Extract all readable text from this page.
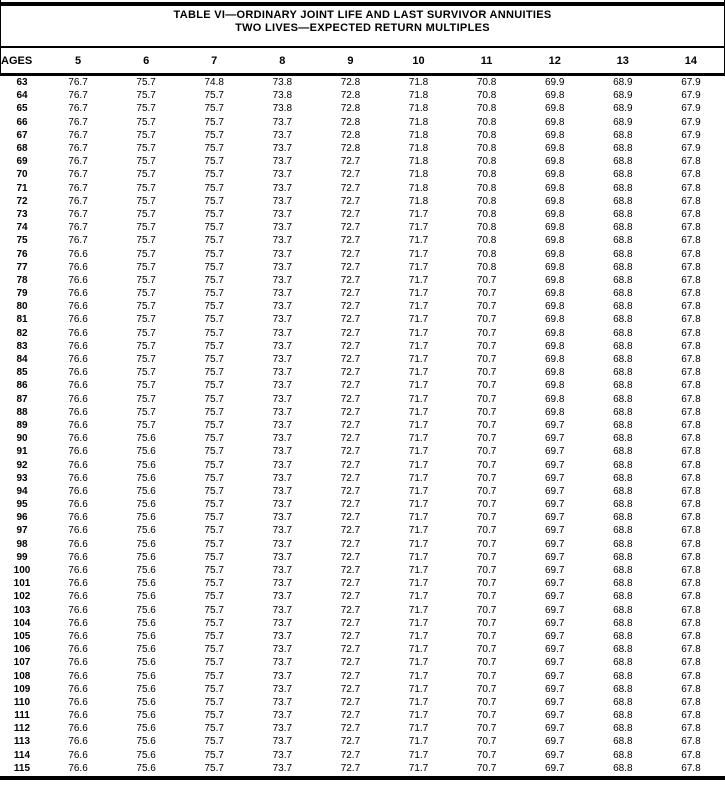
TABLE VI—ORDINARY JOINT LIFE AND LAST SURVIVOR ANNUITIES
TWO LIVES—EXPECTED RETURN MULTIPLES
AGES	5	6	7	8	9	10	11	12	13	14
63	76.7	75.7	74.8	73.8	72.8	71.8	70.8	69.9	68.9	67.9
64	76.7	75.7	75.7	73.8	72.8	71.8	70.8	69.8	68.9	67.9
65	76.7	75.7	75.7	73.8	72.8	71.8	70.8	69.8	68.9	67.9
66	76.7	75.7	75.7	73.7	72.8	71.8	70.8	69.8	68.9	67.9
67	76.7	75.7	75.7	73.7	72.8	71.8	70.8	69.8	68.8	67.9
68	76.7	75.7	75.7	73.7	72.8	71.8	70.8	69.8	68.8	67.9
69	76.7	75.7	75.7	73.7	72.7	71.8	70.8	69.8	68.8	67.8
70	76.7	75.7	75.7	73.7	72.7	71.8	70.8	69.8	68.8	67.8
71	76.7	75.7	75.7	73.7	72.7	71.8	70.8	69.8	68.8	67.8
72	76.7	75.7	75.7	73.7	72.7	71.8	70.8	69.8	68.8	67.8
73	76.7	75.7	75.7	73.7	72.7	71.7	70.8	69.8	68.8	67.8
74	76.7	75.7	75.7	73.7	72.7	71.7	70.8	69.8	68.8	67.8
75	76.7	75.7	75.7	73.7	72.7	71.7	70.8	69.8	68.8	67.8
76	76.6	75.7	75.7	73.7	72.7	71.7	70.8	69.8	68.8	67.8
77	76.6	75.7	75.7	73.7	72.7	71.7	70.8	69.8	68.8	67.8
78	76.6	75.7	75.7	73.7	72.7	71.7	70.7	69.8	68.8	67.8
79	76.6	75.7	75.7	73.7	72.7	71.7	70.7	69.8	68.8	67.8
80	76.6	75.7	75.7	73.7	72.7	71.7	70.7	69.8	68.8	67.8
81	76.6	75.7	75.7	73.7	72.7	71.7	70.7	69.8	68.8	67.8
82	76.6	75.7	75.7	73.7	72.7	71.7	70.7	69.8	68.8	67.8
83	76.6	75.7	75.7	73.7	72.7	71.7	70.7	69.8	68.8	67.8
84	76.6	75.7	75.7	73.7	72.7	71.7	70.7	69.8	68.8	67.8
85	76.6	75.7	75.7	73.7	72.7	71.7	70.7	69.8	68.8	67.8
86	76.6	75.7	75.7	73.7	72.7	71.7	70.7	69.8	68.8	67.8
87	76.6	75.7	75.7	73.7	72.7	71.7	70.7	69.8	68.8	67.8
88	76.6	75.7	75.7	73.7	72.7	71.7	70.7	69.8	68.8	67.8
89	76.6	75.7	75.7	73.7	72.7	71.7	70.7	69.7	68.8	67.8
90	76.6	75.6	75.7	73.7	72.7	71.7	70.7	69.7	68.8	67.8
91	76.6	75.6	75.7	73.7	72.7	71.7	70.7	69.7	68.8	67.8
92	76.6	75.6	75.7	73.7	72.7	71.7	70.7	69.7	68.8	67.8
93	76.6	75.6	75.7	73.7	72.7	71.7	70.7	69.7	68.8	67.8
94	76.6	75.6	75.7	73.7	72.7	71.7	70.7	69.7	68.8	67.8
95	76.6	75.6	75.7	73.7	72.7	71.7	70.7	69.7	68.8	67.8
96	76.6	75.6	75.7	73.7	72.7	71.7	70.7	69.7	68.8	67.8
97	76.6	75.6	75.7	73.7	72.7	71.7	70.7	69.7	68.8	67.8
98	76.6	75.6	75.7	73.7	72.7	71.7	70.7	69.7	68.8	67.8
99	76.6	75.6	75.7	73.7	72.7	71.7	70.7	69.7	68.8	67.8
100	76.6	75.6	75.7	73.7	72.7	71.7	70.7	69.7	68.8	67.8
101	76.6	75.6	75.7	73.7	72.7	71.7	70.7	69.7	68.8	67.8
102	76.6	75.6	75.7	73.7	72.7	71.7	70.7	69.7	68.8	67.8
103	76.6	75.6	75.7	73.7	72.7	71.7	70.7	69.7	68.8	67.8
104	76.6	75.6	75.7	73.7	72.7	71.7	70.7	69.7	68.8	67.8
105	76.6	75.6	75.7	73.7	72.7	71.7	70.7	69.7	68.8	67.8
106	76.6	75.6	75.7	73.7	72.7	71.7	70.7	69.7	68.8	67.8
107	76.6	75.6	75.7	73.7	72.7	71.7	70.7	69.7	68.8	67.8
108	76.6	75.6	75.7	73.7	72.7	71.7	70.7	69.7	68.8	67.8
109	76.6	75.6	75.7	73.7	72.7	71.7	70.7	69.7	68.8	67.8
110	76.6	75.6	75.7	73.7	72.7	71.7	70.7	69.7	68.8	67.8
111	76.6	75.6	75.7	73.7	72.7	71.7	70.7	69.7	68.8	67.8
112	76.6	75.6	75.7	73.7	72.7	71.7	70.7	69.7	68.8	67.8
113	76.6	75.6	75.7	73.7	72.7	71.7	70.7	69.7	68.8	67.8
114	76.6	75.6	75.7	73.7	72.7	71.7	70.7	69.7	68.8	67.8
115	76.6	75.6	75.7	73.7	72.7	71.7	70.7	69.7	68.8	67.8
